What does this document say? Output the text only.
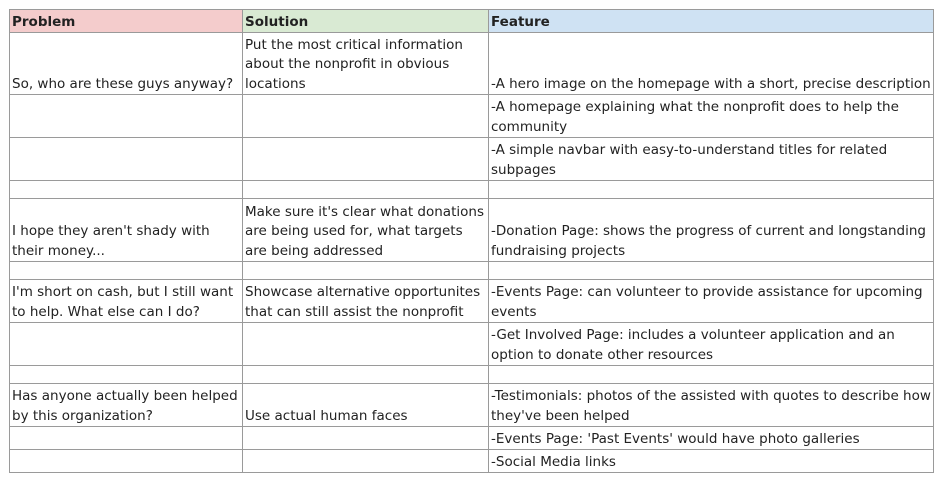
Problem	Solution	Feature
So, who are these guys anyway?	Put the most critical information about the nonprofit in obvious locations	-A hero image on the homepage with a short, precise description
		-A homepage explaining what the nonprofit does to help the community
		-A simple navbar with easy-to-understand titles for related subpages

I hope they aren't shady with their money...	Make sure it's clear what donations are being used for, what targets are being addressed	-Donation Page: shows the progress of current and longstanding fundraising projects

I'm short on cash, but I still want to help. What else can I do?	Showcase alternative opportunites that can still assist the nonprofit	-Events Page: can volunteer to provide assistance for upcoming events
		-Get Involved Page: includes a volunteer application and an option to donate other resources

Has anyone actually been helped by this organization?	Use actual human faces	-Testimonials: photos of the assisted with quotes to describe how they've been helped
		-Events Page: 'Past Events' would have photo galleries
		-Social Media links
